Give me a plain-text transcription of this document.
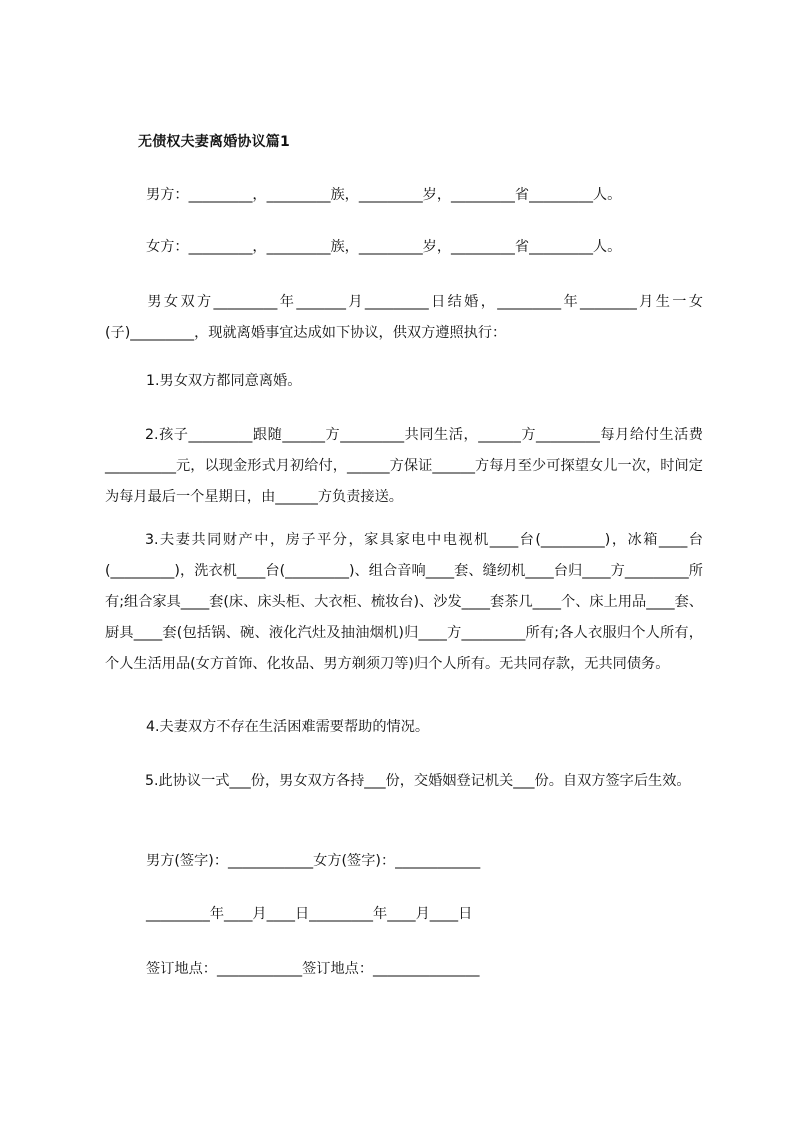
无债权夫妻离婚协议篇1
男方：_________，_________族，_________岁，_________省_________人。
女方：_________，_________族，_________岁，_________省_________人。
男女双方_________年_______月_________日结婚，_________年________月生一女(子)_________，现就离婚事宜达成如下协议，供双方遵照执行：
1.男女双方都同意离婚。
2.孩子_________跟随______方_________共同生活，______方_________每月给付生活费__________元，以现金形式月初给付，______方保证______方每月至少可探望女儿一次，时间定为每月最后一个星期日，由______方负责接送。
3.夫妻共同财产中，房子平分，家具家电中电视机____台(_________)，冰箱____台(_________)，洗衣机____台(_________)、组合音响____套、缝纫机____台归____方_________所有;组合家具____套(床、床头柜、大衣柜、梳妆台)、沙发____套茶几____个、床上用品____套、厨具____套(包括锅、碗、液化汽灶及抽油烟机)归____方_________所有;各人衣服归个人所有，个人生活用品(女方首饰、化妆品、男方剃须刀等)归个人所有。无共同存款，无共同债务。
4.夫妻双方不存在生活困难需要帮助的情况。
5.此协议一式___份，男女双方各持___份，交婚姻登记机关___份。自双方签字后生效。
男方(签字)：____________女方(签字)：____________
_________年____月____日_________年____月____日
签订地点：____________签订地点：_______________
